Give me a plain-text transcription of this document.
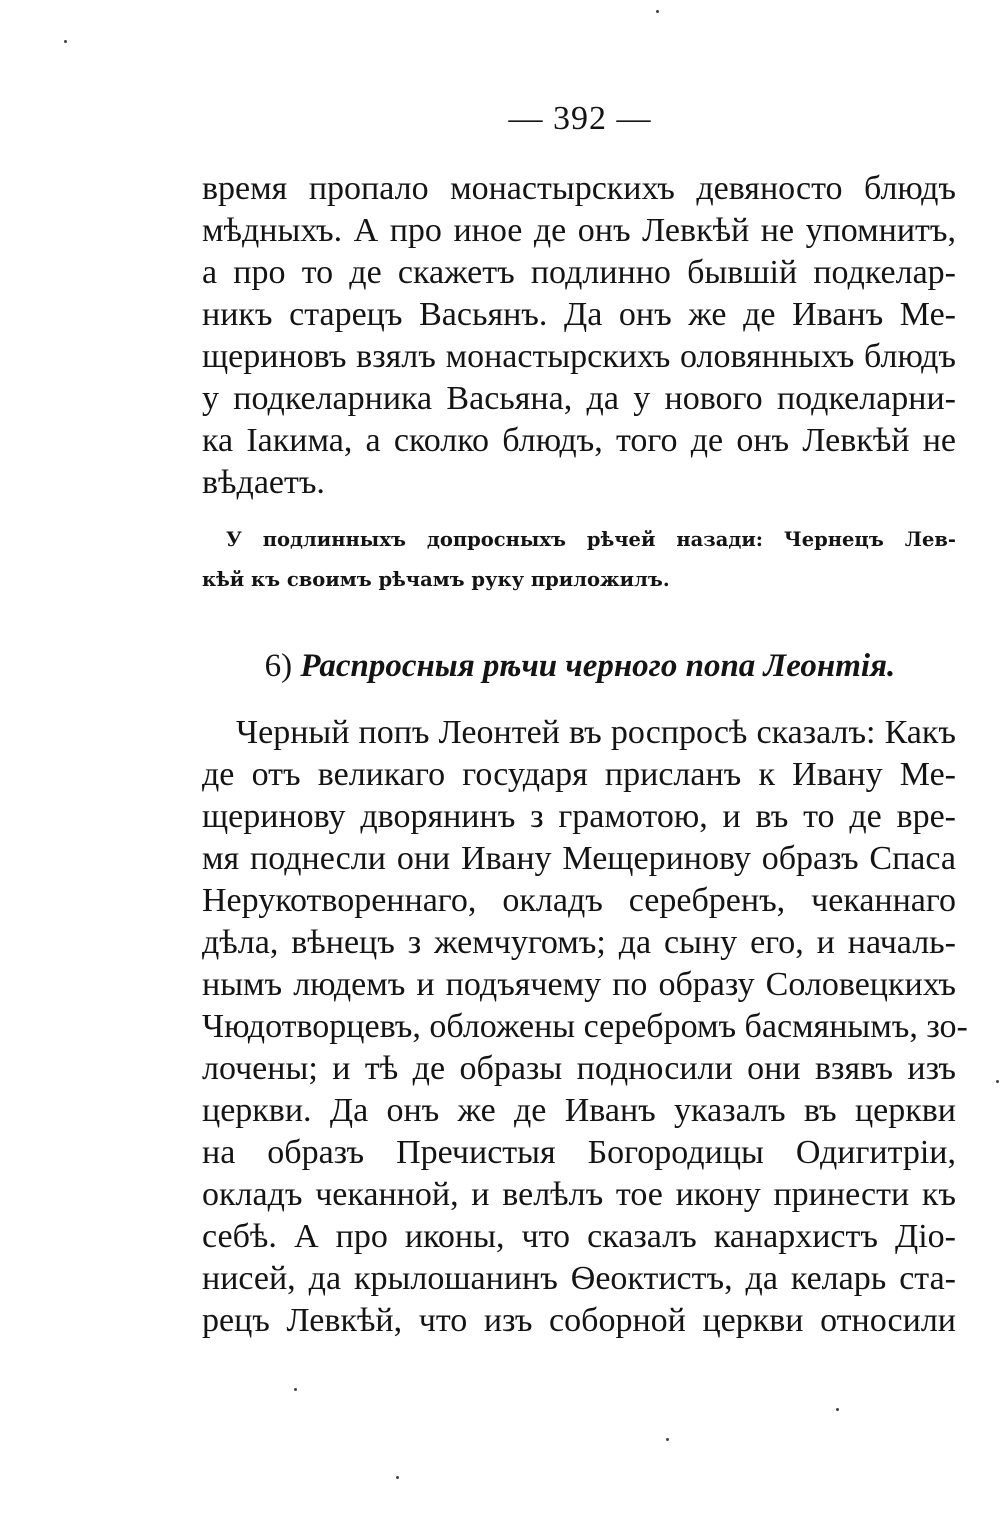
— 392 —
время пропало монастырскихъ девяносто блюдъ
мѣдныхъ. А про иное де онъ Левкѣй не упомнитъ,
а про то де скажетъ подлинно бывшій подкелар-
никъ старецъ Васьянъ. Да онъ же де Иванъ Ме-
щериновъ взялъ монастырскихъ оловянныхъ блюдъ
у подкеларника Васьяна, да у нового подкеларни-
ка Іакима, а сколко блюдъ, того де онъ Левкѣй не
вѣдаетъ.
У подлинныхъ допросныхъ рѣчей назади: Чернецъ Лев-
кѣй къ своимъ рѣчамъ руку приложилъ.
6) Распросныя рѣчи черного попа Леонтія.
Черный попъ Леонтей въ роспросѣ сказалъ: Какъ
де отъ великаго государя присланъ к Ивану Ме-
щеринову дворянинъ з грамотою, и въ то де вре-
мя поднесли они Ивану Мещеринову образъ Спаса
Нерукотвореннаго, окладъ серебренъ, чеканнаго
дѣла, вѣнецъ з жемчугомъ; да сыну его, и началь-
нымъ людемъ и подъячему по образу Соловецкихъ
Чюдотворцевъ, обложены серебромъ басмянымъ, зо-
лочены; и тѣ де образы подносили они взявъ изъ
церкви. Да онъ же де Иванъ указалъ въ церкви
на образъ Пречистыя Богородицы Одигитріи,
окладъ чеканной, и велѣлъ тое икону принести къ
себѣ. А про иконы, что сказалъ канархистъ Діо-
нисей, да крылошанинъ Ѳеоктистъ, да келарь ста-
рецъ Левкѣй, что изъ соборной церкви относили
